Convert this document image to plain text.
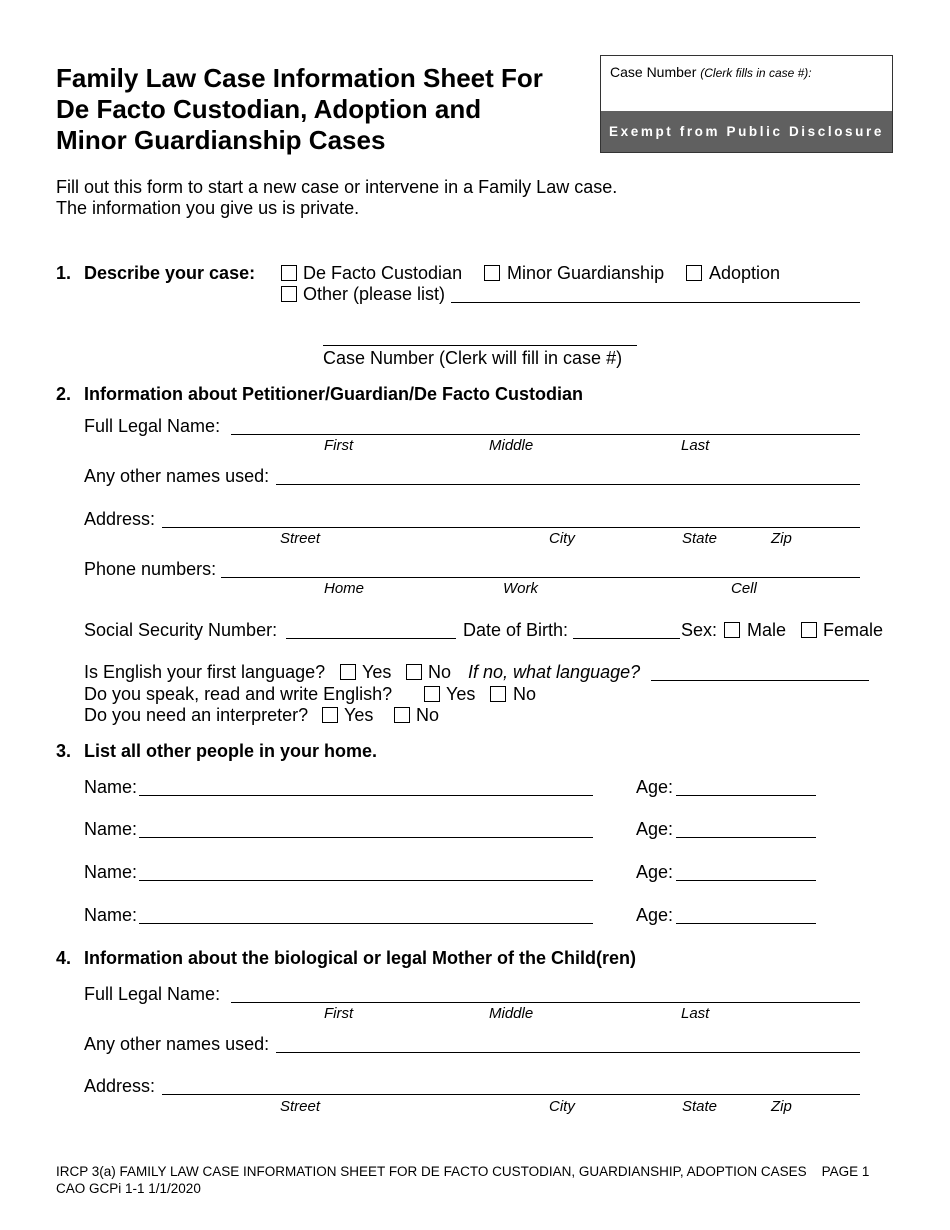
Family Law Case Information Sheet For
De Facto Custodian, Adoption and
Minor Guardianship Cases
Case Number (Clerk fills in case #):
Exempt from Public Disclosure
Fill out this form to start a new case or intervene in a Family Law case.
The information you give us is private.
1. Describe your case:	De Facto Custodian Minor Guardianship Adoption
Other (please list)
Case Number (Clerk will fill in case #)
2. Information about Petitioner/Guardian/De Facto Custodian
Full Legal Name:
First	Middle	Last
Any other names used:
Address:
Street	City	State	Zip
Phone numbers:
Home	Work	Cell
Social Security Number:	Date of Birth:	Sex: Male Female
Is English your first language? Yes No If no, what language?
Do you speak, read and write English?	Yes No
Do you need an interpreter? Yes No
3. List all other people in your home.
Name:	Age:
Name:	Age:
Name:	Age:
Name:	Age:
4. Information about the biological or legal Mother of the Child(ren)
Full Legal Name:
First	Middle	Last
Any other names used:
Address:
Street	City	State	Zip
IRCP 3(a) FAMILY LAW CASE INFORMATION SHEET FOR DE FACTO CUSTODIAN, GUARDIANSHIP, ADOPTION CASES PAGE 1
CAO GCPi 1-1 1/1/2020
